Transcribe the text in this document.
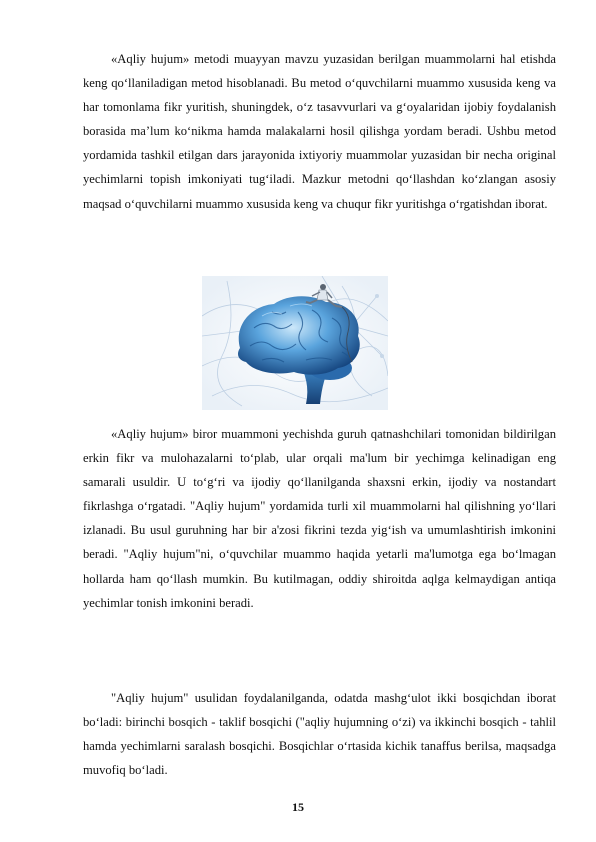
«Aqliy hujum» metodi muayyan mavzu yuzasidan berilgan muammolarni hal etishda keng qo‘llaniladigan metod hisoblanadi. Bu metod o‘quvchilarni muammo xususida keng va har tomonlama fikr yuritish, shuningdek, o‘z tasavvurlari va g‘oyalaridan ijobiy foydalanish borasida ma’lum ko‘nikma hamda malakalarni hosil qilishga yordam beradi. Ushbu metod yordamida tashkil etilgan dars jarayonida ixtiyoriy muammolar yuzasidan bir necha original yechimlarni topish imkoniyati tug‘iladi. Mazkur metodni qo‘llashdan ko‘zlangan asosiy maqsad o‘quvchilarni muammo xususida keng va chuqur fikr yuritishga o‘rgatishdan iborat.

«Aqliy hujum» biror muammoni yechishda guruh qatnashchilari tomonidan bildirilgan erkin fikr va mulohazalarni to‘plab, ular orqali ma'lum bir yechimga kelinadigan eng samarali usuldir. U to‘g‘ri va ijodiy qo‘llanilganda shaxsni erkin, ijodiy va nostandart fikrlashga o‘rgatadi. "Aqliy hujum" yordamida turli xil muammolarni hal qilishning yo‘llari izlanadi. Bu usul guruhning har bir a'zosi fikrini tezda yig‘ish va umumlashtirish imkonini beradi. "Aqliy hujum"ni, o‘quvchilar muammo haqida yetarli ma'lumotga ega bo‘lmagan hollarda ham qo‘llash mumkin. Bu kutilmagan, oddiy shiroitda aqlga kelmaydigan antiqa yechimlar tonish imkonini beradi.

"Aqliy hujum" usulidan foydalanilganda, odatda mashg‘ulot ikki bosqichdan iborat bo‘ladi: birinchi bosqich - taklif bosqichi ("aqliy hujumning o‘zi) va ikkinchi bosqich - tahlil hamda yechimlarni saralash bosqichi. Bosqichlar o‘rtasida kichik tanaffus berilsa, maqsadga muvofiq bo‘ladi.

15
